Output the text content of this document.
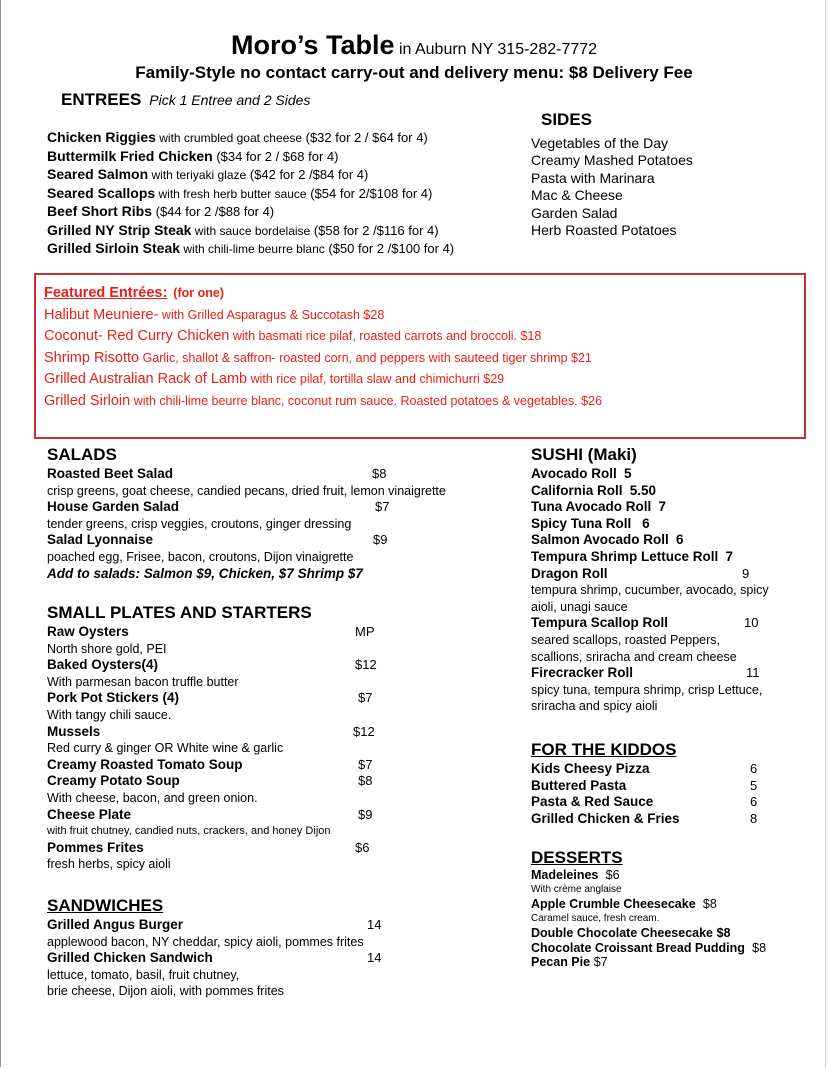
Moro’s Table in Auburn NY 315-282-7772
Family-Style no contact carry-out and delivery menu: $8 Delivery Fee
ENTREES Pick 1 Entree and 2 Sides
Chicken Riggies with crumbled goat cheese ($32 for 2 / $64 for 4)
Buttermilk Fried Chicken ($34 for 2 / $68 for 4)
Seared Salmon with teriyaki glaze ($42 for 2 /$84 for 4)
Seared Scallops with fresh herb butter sauce ($54 for 2/$108 for 4)
Beef Short Ribs ($44 for 2 /$88 for 4)
Grilled NY Strip Steak with sauce bordelaise ($58 for 2 /$116 for 4)
Grilled Sirloin Steak with chili-lime beurre blanc ($50 for 2 /$100 for 4)
SIDES
Vegetables of the Day
Creamy Mashed Potatoes
Pasta with Marinara
Mac & Cheese
Garden Salad
Herb Roasted Potatoes
Featured Entrées: (for one)
Halibut Meuniere- with Grilled Asparagus & Succotash $28
Coconut- Red Curry Chicken with basmati rice pilaf, roasted carrots and broccoli. $18
Shrimp Risotto Garlic, shallot & saffron- roasted corn, and peppers with sauteed tiger shrimp $21
Grilled Australian Rack of Lamb with rice pilaf, tortilla slaw and chimichurri $29
Grilled Sirloin with chili-lime beurre blanc, coconut rum sauce. Roasted potatoes & vegetables. $26
SALADS
Roasted Beet Salad	$8
crisp greens, goat cheese, candied pecans, dried fruit, lemon vinaigrette
House Garden Salad	$7
tender greens, crisp veggies, croutons, ginger dressing
Salad Lyonnaise	$9
poached egg, Frisee, bacon, croutons, Dijon vinaigrette
Add to salads: Salmon $9, Chicken, $7 Shrimp $7
SMALL PLATES AND STARTERS
Raw Oysters	MP
North shore gold, PEI
Baked Oysters(4)	$12
With parmesan bacon truffle butter
Pork Pot Stickers (4)	$7
With tangy chili sauce.
Mussels	$12
Red curry & ginger OR White wine & garlic
Creamy Roasted Tomato Soup	$7
Creamy Potato Soup	$8
With cheese, bacon, and green onion.
Cheese Plate	$9
with fruit chutney, candied nuts, crackers, and honey Dijon
Pommes Frites	$6
fresh herbs, spicy aioli
SANDWICHES
Grilled Angus Burger	14
applewood bacon, NY cheddar, spicy aioli, pommes frites
Grilled Chicken Sandwich	14
lettuce, tomato, basil, fruit chutney,
brie cheese, Dijon aioli, with pommes frites
SUSHI (Maki)
Avocado Roll 5
California Roll 5.50
Tuna Avocado Roll 7
Spicy Tuna Roll 6
Salmon Avocado Roll 6
Tempura Shrimp Lettuce Roll 7
Dragon Roll	9
tempura shrimp, cucumber, avocado, spicy
aioli, unagi sauce
Tempura Scallop Roll	10
seared scallops, roasted Peppers,
scallions, sriracha and cream cheese
Firecracker Roll	11
spicy tuna, tempura shrimp, crisp Lettuce,
sriracha and spicy aioli
FOR THE KIDDOS
Kids Cheesy Pizza	6
Buttered Pasta	5
Pasta & Red Sauce	6
Grilled Chicken & Fries	8
DESSERTS
Madeleines $6
With crème anglaise
Apple Crumble Cheesecake $8
Caramel sauce, fresh cream.
Double Chocolate Cheesecake $8
Chocolate Croissant Bread Pudding $8
Pecan Pie $7
